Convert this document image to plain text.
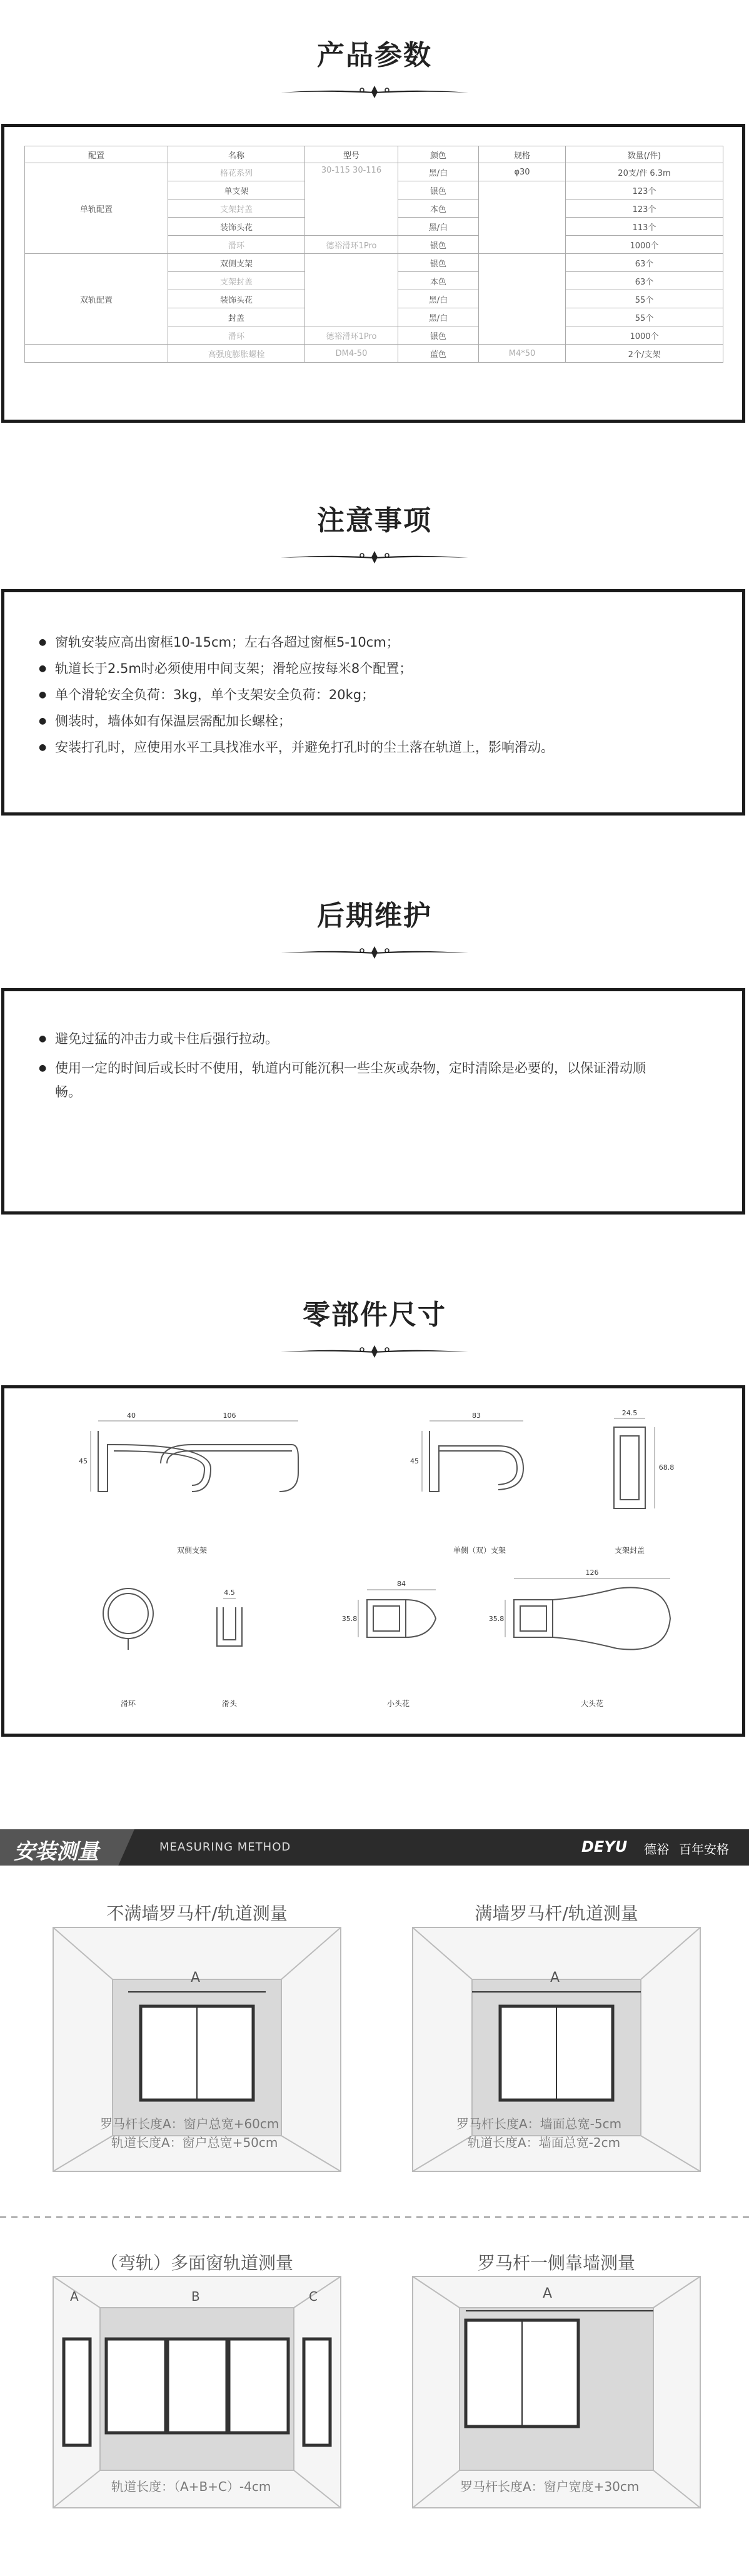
产品参数
配置	名称	型号	颜色	规格	数量(/件)
单轨配置	格花系列	30-115 30-116	黑/白	φ30	20支/件 6.3m
	单支架		银色		123个
	支架封盖		本色		123个
	装饰头花		黑/白		113个
	滑环	德裕滑环1Pro	银色		1000个
双轨配置	双侧支架		银色		63个
	支架封盖		本色		63个
	装饰头花		黑/白		55个
	封盖		黑/白		55个
	滑环	德裕滑环1Pro	银色		1000个
	高强度膨胀螺栓	DM4-50	蓝色	M4*50	2个/支架
注意事项
● 窗轨安装应高出窗框10-15cm；左右各超过窗框5-10cm；
● 轨道长于2.5m时必须使用中间支架；滑轮应按每米8个配置；
● 单个滑轮安全负荷：3kg，单个支架安全负荷：20kg；
● 侧装时，墙体如有保温层需配加长螺栓；
● 安装打孔时，应使用水平工具找准水平，并避免打孔时的尘土落在轨道上，影响滑动。
后期维护
● 避免过猛的冲击力或卡住后强行拉动。
● 使用一定的时间后或长时不使用，轨道内可能沉积一些尘灰或杂物，定时清除是必要的，以保证滑动顺畅。
零部件尺寸
40	106
45
83
45
24.5
68.8
4.5
84
35.8
126
35.8
双侧支架	单侧（双）支架	支架封盖
滑环	滑头	小头花	大头花
安装测量	MEASURING METHOD	DEYU 德裕 百年安格
不满墙罗马杆/轨道测量
A
罗马杆长度A：窗户总宽+60cm
轨道长度A：窗户总宽+50cm
满墙罗马杆/轨道测量
A
罗马杆长度A：墙面总宽-5cm
轨道长度A：墙面总宽-2cm
（弯轨）多面窗轨道测量
A	B	C
轨道长度：（A+B+C）-4cm
罗马杆一侧靠墙测量
A
罗马杆长度A：窗户宽度+30cm
